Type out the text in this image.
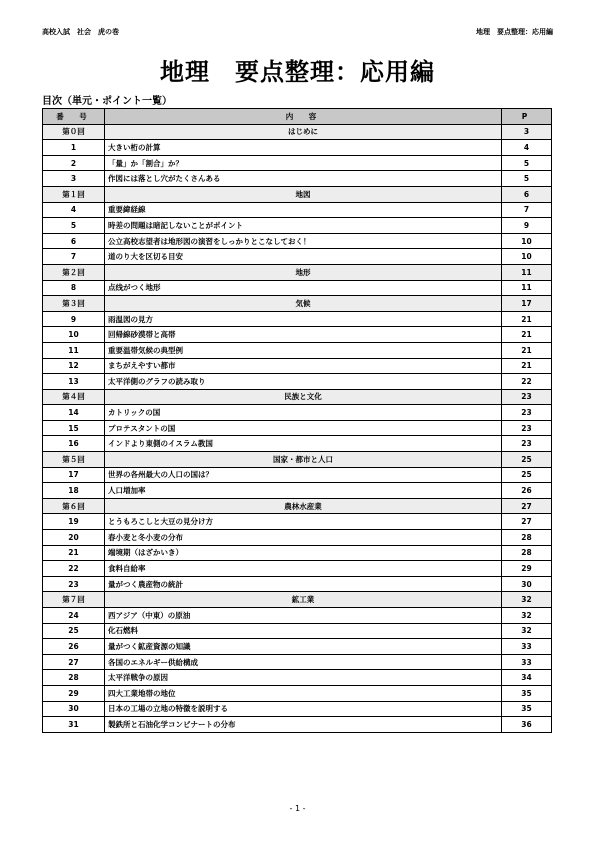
高校入試　社会　虎の巻	地理　要点整理：応用編
地理　要点整理：応用編
目次（単元・ポイント一覧）
番　号	内　容	P
第０回	はじめに	3
1	大きい桁の計算	4
2	「量」か「割合」か？	5
3	作図には落とし穴がたくさんある	5
第１回	地図	6
4	重要緯経線	7
5	時差の問題は暗記しないことがポイント	9
6	公立高校志望者は地形図の演習をしっかりとこなしておく！	10
7	道のり大を区切る目安	10
第２回	地形	11
8	点线がつく地形	11
第３回	気候	17
9	雨温図の見方	21
10	回帰線砂漠帯と高帯	21
11	重要温帯気候の典型例	21
12	まちがえやすい都市	21
13	太平洋側のグラフの読み取り	22
第４回	民族と文化	23
14	カトリックの国	23
15	プロテスタントの国	23
16	インドより東側のイスラム教国	23
第５回	国家・都市と人口	25
17	世界の各州最大の人口の国は？	25
18	人口増加率	26
第６回	農林水産業	27
19	とうもろこしと大豆の見分け方	27
20	春小麦と冬小麦の分布	28
21	端境期（はざかいき）	28
22	食料自給率	29
23	量がつく農産物の統計	30
第７回	鉱工業	32
24	西アジア（中東）の原油	32
25	化石燃料	32
26	量がつく鉱産資源の知識	33
27	各国のエネルギー供給構成	33
28	太平洋戦争の原因	34
29	四大工業地帯の地位	35
30	日本の工場の立地の特徴を説明する	35
31	製鉄所と石油化学コンビナートの分布	36
- 1 -
